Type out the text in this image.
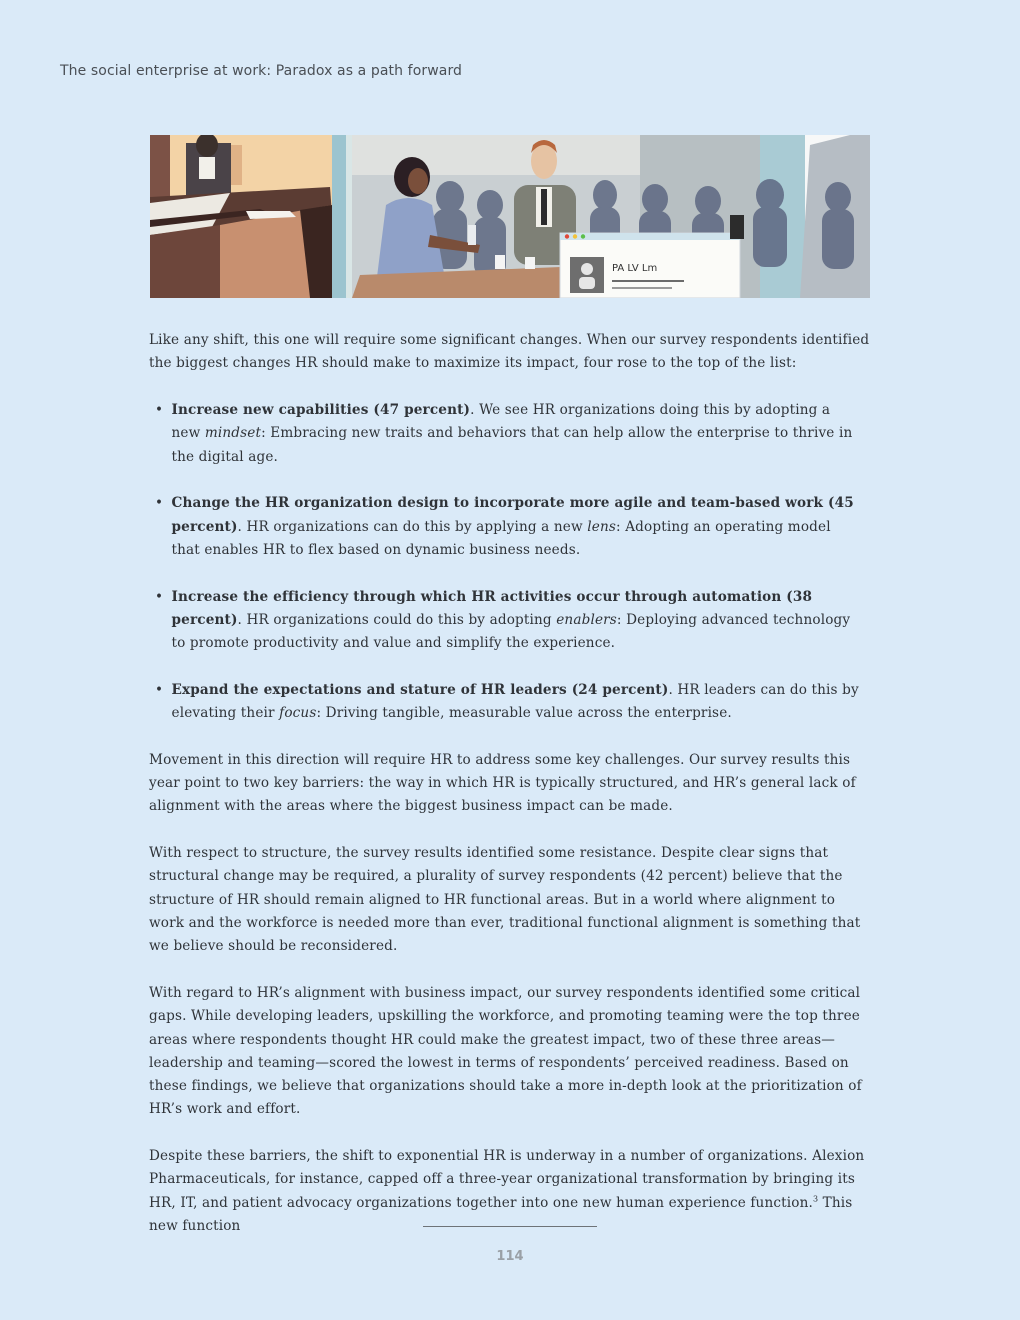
The social enterprise at work: Paradox as a path forward
PA LV Lm

Like any shift, this one will require some significant changes. When our survey respondents identified the biggest changes HR should make to maximize its impact, four rose to the top of the list:

• Increase new capabilities (47 percent). We see HR organizations doing this by adopting a new mindset: Embracing new traits and behaviors that can help allow the enterprise to thrive in the digital age.
• Change the HR organization design to incorporate more agile and team-based work (45 percent). HR organizations can do this by applying a new lens: Adopting an operating model that enables HR to flex based on dynamic business needs.
• Increase the efficiency through which HR activities occur through automation (38 percent). HR organizations could do this by adopting enablers: Deploying advanced technology to promote productivity and value and simplify the experience.
• Expand the expectations and stature of HR leaders (24 percent). HR leaders can do this by elevating their focus: Driving tangible, measurable value across the enterprise.

Movement in this direction will require HR to address some key challenges. Our survey results this year point to two key barriers: the way in which HR is typically structured, and HR’s general lack of alignment with the areas where the biggest business impact can be made.

With respect to structure, the survey results identified some resistance. Despite clear signs that structural change may be required, a plurality of survey respondents (42 percent) believe that the structure of HR should remain aligned to HR functional areas. But in a world where alignment to work and the workforce is needed more than ever, traditional functional alignment is something that we believe should be reconsidered.

With regard to HR’s alignment with business impact, our survey respondents identified some critical gaps. While developing leaders, upskilling the workforce, and promoting teaming were the top three areas where respondents thought HR could make the greatest impact, two of these three areas—leadership and teaming—scored the lowest in terms of respondents’ perceived readiness. Based on these findings, we believe that organizations should take a more in-depth look at the prioritization of HR’s work and effort.

Despite these barriers, the shift to exponential HR is underway in a number of organizations. Alexion Pharmaceuticals, for instance, capped off a three-year organizational transformation by bringing its HR, IT, and patient advocacy organizations together into one new human experience function.$^3$ This new function

114
